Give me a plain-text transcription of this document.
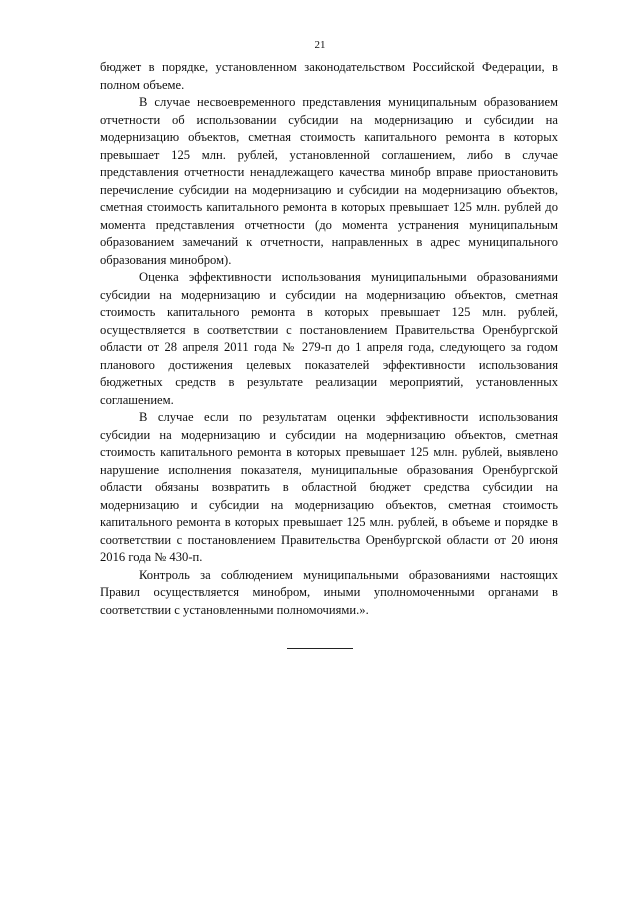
21

бюджет в порядке, установленном законодательством Российской Федерации, в полном объеме.

В случае несвоевременного представления муниципальным образованием отчетности об использовании субсидии на модернизацию и субсидии на модернизацию объектов, сметная стоимость капитального ремонта в которых превышает 125 млн. рублей, установленной соглашением, либо в случае представления отчетности ненадлежащего качества минобр вправе приостановить перечисление субсидии на модернизацию и субсидии на модернизацию объектов, сметная стоимость капитального ремонта в которых превышает 125 млн. рублей до момента представления отчетности (до момента устранения муниципальным образованием замечаний к отчетности, направленных в адрес муниципального образования минобром).

Оценка эффективности использования муниципальными образованиями субсидии на модернизацию и субсидии на модернизацию объектов, сметная стоимость капитального ремонта в которых превышает 125 млн. рублей, осуществляется в соответствии с постановлением Правительства Оренбургской области от 28 апреля 2011 года № 279-п до 1 апреля года, следующего за годом планового достижения целевых показателей эффективности использования бюджетных средств в результате реализации мероприятий, установленных соглашением.

В случае если по результатам оценки эффективности использования субсидии на модернизацию и субсидии на модернизацию объектов, сметная стоимость капитального ремонта в которых превышает 125 млн. рублей, выявлено нарушение исполнения показателя, муниципальные образования Оренбургской области обязаны возвратить в областной бюджет средства субсидии на модернизацию и субсидии на модернизацию объектов, сметная стоимость капитального ремонта в которых превышает 125 млн. рублей, в объеме и порядке в соответствии с постановлением Правительства Оренбургской области от 20 июня 2016 года № 430-п.

Контроль за соблюдением муниципальными образованиями настоящих Правил осуществляется минобром, иными уполномоченными органами в соответствии с установленными полномочиями.».
